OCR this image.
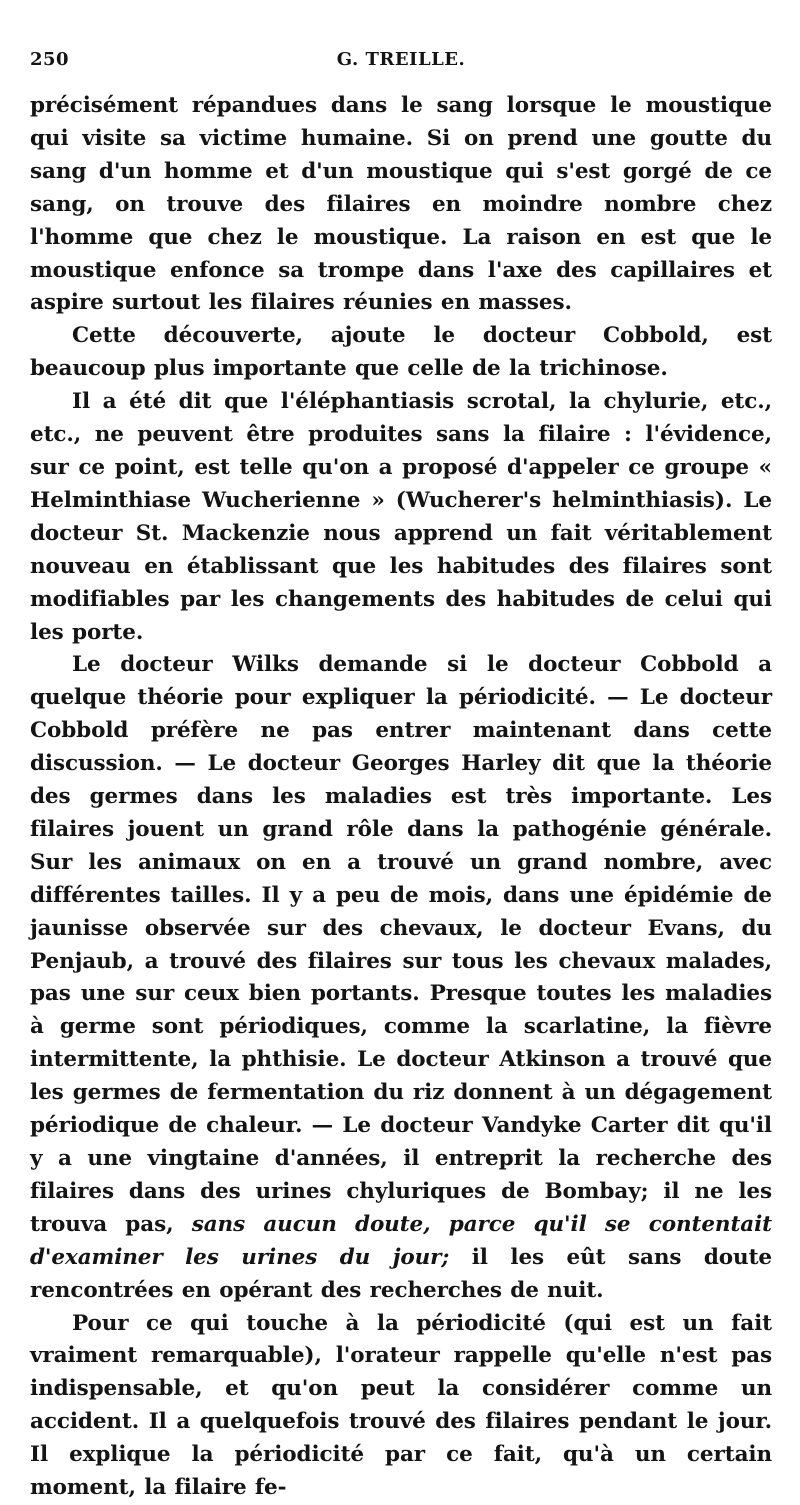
250	G. TREILLE.

précisément répandues dans le sang lorsque le moustique qui visite sa victime humaine. Si on prend une goutte du sang d'un homme et d'un moustique qui s'est gorgé de ce sang, on trouve des filaires en moindre nombre chez l'homme que chez le moustique. La raison en est que le moustique enfonce sa trompe dans l'axe des capillaires et aspire surtout les filaires réunies en masses.

Cette découverte, ajoute le docteur Cobbold, est beaucoup plus importante que celle de la trichinose.

Il a été dit que l'éléphantiasis scrotal, la chylurie, etc., etc., ne peuvent être produites sans la filaire : l'évidence, sur ce point, est telle qu'on a proposé d'appeler ce groupe « Helminthiase Wucherienne » (Wucherer's helminthiasis). Le docteur St. Mackenzie nous apprend un fait véritablement nouveau en établissant que les habitudes des filaires sont modifiables par les changements des habitudes de celui qui les porte.

Le docteur Wilks demande si le docteur Cobbold a quelque théorie pour expliquer la périodicité. — Le docteur Cobbold préfère ne pas entrer maintenant dans cette discussion. — Le docteur Georges Harley dit que la théorie des germes dans les maladies est très importante. Les filaires jouent un grand rôle dans la pathogénie générale. Sur les animaux on en a trouvé un grand nombre, avec différentes tailles. Il y a peu de mois, dans une épidémie de jaunisse observée sur des chevaux, le docteur Evans, du Penjaub, a trouvé des filaires sur tous les chevaux malades, pas une sur ceux bien portants. Presque toutes les maladies à germe sont périodiques, comme la scarlatine, la fièvre intermittente, la phthisie. Le docteur Atkinson a trouvé que les germes de fermentation du riz donnent à un dégagement périodique de chaleur. — Le docteur Vandyke Carter dit qu'il y a une vingtaine d'années, il entreprit la recherche des filaires dans des urines chyluriques de Bombay; il ne les trouva pas, sans aucun doute, parce qu'il se contentait d'examiner les urines du jour; il les eût sans doute rencontrées en opérant des recherches de nuit.

Pour ce qui touche à la périodicité (qui est un fait vraiment remarquable), l'orateur rappelle qu'elle n'est pas indispensable, et qu'on peut la considérer comme un accident. Il a quelquefois trouvé des filaires pendant le jour. Il explique la périodicité par ce fait, qu'à un certain moment, la filaire fe-
